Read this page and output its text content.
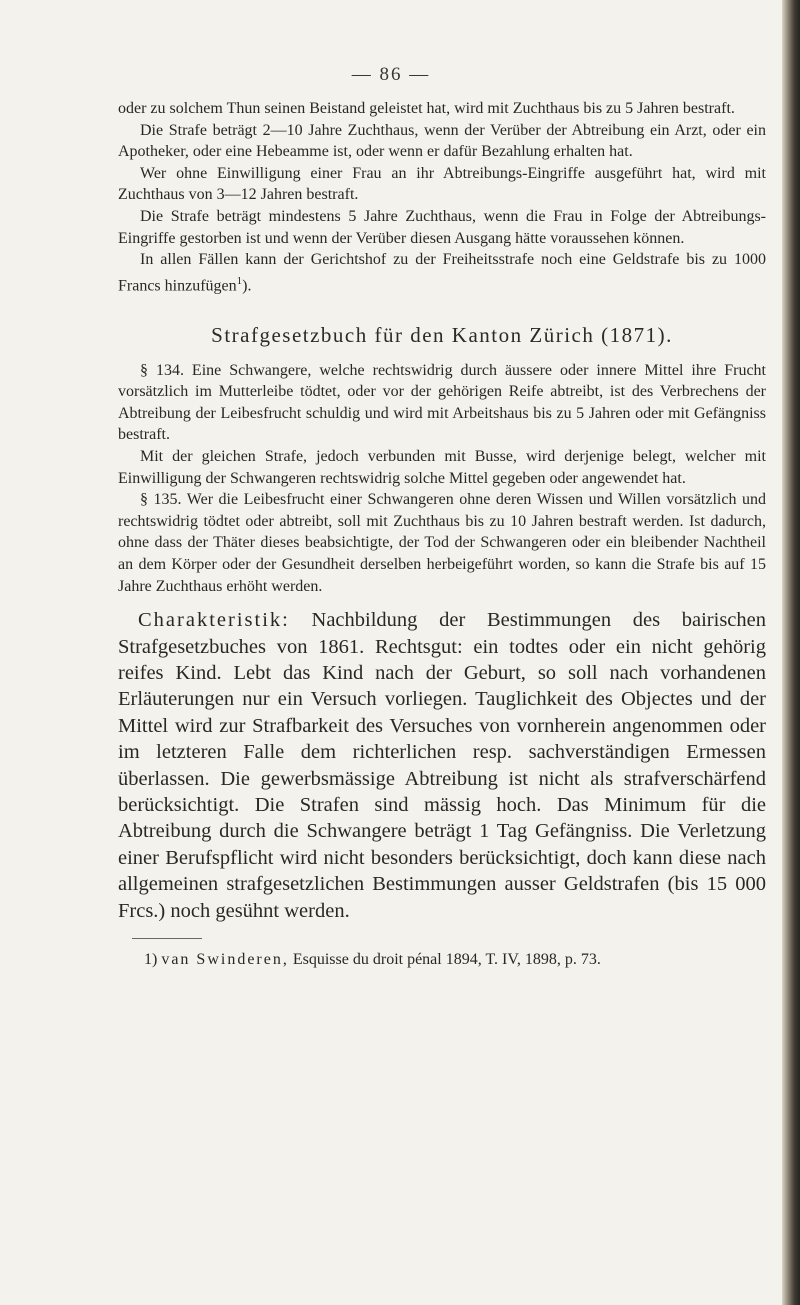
— 86 —

oder zu solchem Thun seinen Beistand geleistet hat, wird mit Zuchthaus bis zu 5 Jahren bestraft.

Die Strafe beträgt 2—10 Jahre Zuchthaus, wenn der Verüber der Abtreibung ein Arzt, oder ein Apotheker, oder eine Hebeamme ist, oder wenn er dafür Bezahlung erhalten hat.

Wer ohne Einwilligung einer Frau an ihr Abtreibungs-Eingriffe ausgeführt hat, wird mit Zuchthaus von 3—12 Jahren bestraft.

Die Strafe beträgt mindestens 5 Jahre Zuchthaus, wenn die Frau in Folge der Abtreibungs-Eingriffe gestorben ist und wenn der Verüber diesen Ausgang hätte voraussehen können.

In allen Fällen kann der Gerichtshof zu der Freiheitsstrafe noch eine Geldstrafe bis zu 1000 Francs hinzufügen$^1$).

Strafgesetzbuch für den Kanton Zürich (1871).

§ 134. Eine Schwangere, welche rechtswidrig durch äussere oder innere Mittel ihre Frucht vorsätzlich im Mutterleibe tödtet, oder vor der gehörigen Reife abtreibt, ist des Verbrechens der Abtreibung der Leibesfrucht schuldig und wird mit Arbeitshaus bis zu 5 Jahren oder mit Gefängniss bestraft.

Mit der gleichen Strafe, jedoch verbunden mit Busse, wird derjenige belegt, welcher mit Einwilligung der Schwangeren rechtswidrig solche Mittel gegeben oder angewendet hat.

§ 135. Wer die Leibesfrucht einer Schwangeren ohne deren Wissen und Willen vorsätzlich und rechtswidrig tödtet oder abtreibt, soll mit Zuchthaus bis zu 10 Jahren bestraft werden. Ist dadurch, ohne dass der Thäter dieses beabsichtigte, der Tod der Schwangeren oder ein bleibender Nachtheil an dem Körper oder der Gesundheit derselben herbeigeführt worden, so kann die Strafe bis auf 15 Jahre Zuchthaus erhöht werden.

Charakteristik: Nachbildung der Bestimmungen des bairischen Strafgesetzbuches von 1861. Rechtsgut: ein todtes oder ein nicht gehörig reifes Kind. Lebt das Kind nach der Geburt, so soll nach vorhandenen Erläuterungen nur ein Versuch vorliegen. Tauglichkeit des Objectes und der Mittel wird zur Strafbarkeit des Versuches von vornherein angenommen oder im letzteren Falle dem richterlichen resp. sachverständigen Ermessen überlassen. Die gewerbsmässige Abtreibung ist nicht als strafverschärfend berücksichtigt. Die Strafen sind mässig hoch. Das Minimum für die Abtreibung durch die Schwangere beträgt 1 Tag Gefängniss. Die Verletzung einer Berufspflicht wird nicht besonders berücksichtigt, doch kann diese nach allgemeinen strafgesetzlichen Bestimmungen ausser Geldstrafen (bis 15 000 Frcs.) noch gesühnt werden.

1) van Swinderen, Esquisse du droit pénal 1894, T. IV, 1898, p. 73.
